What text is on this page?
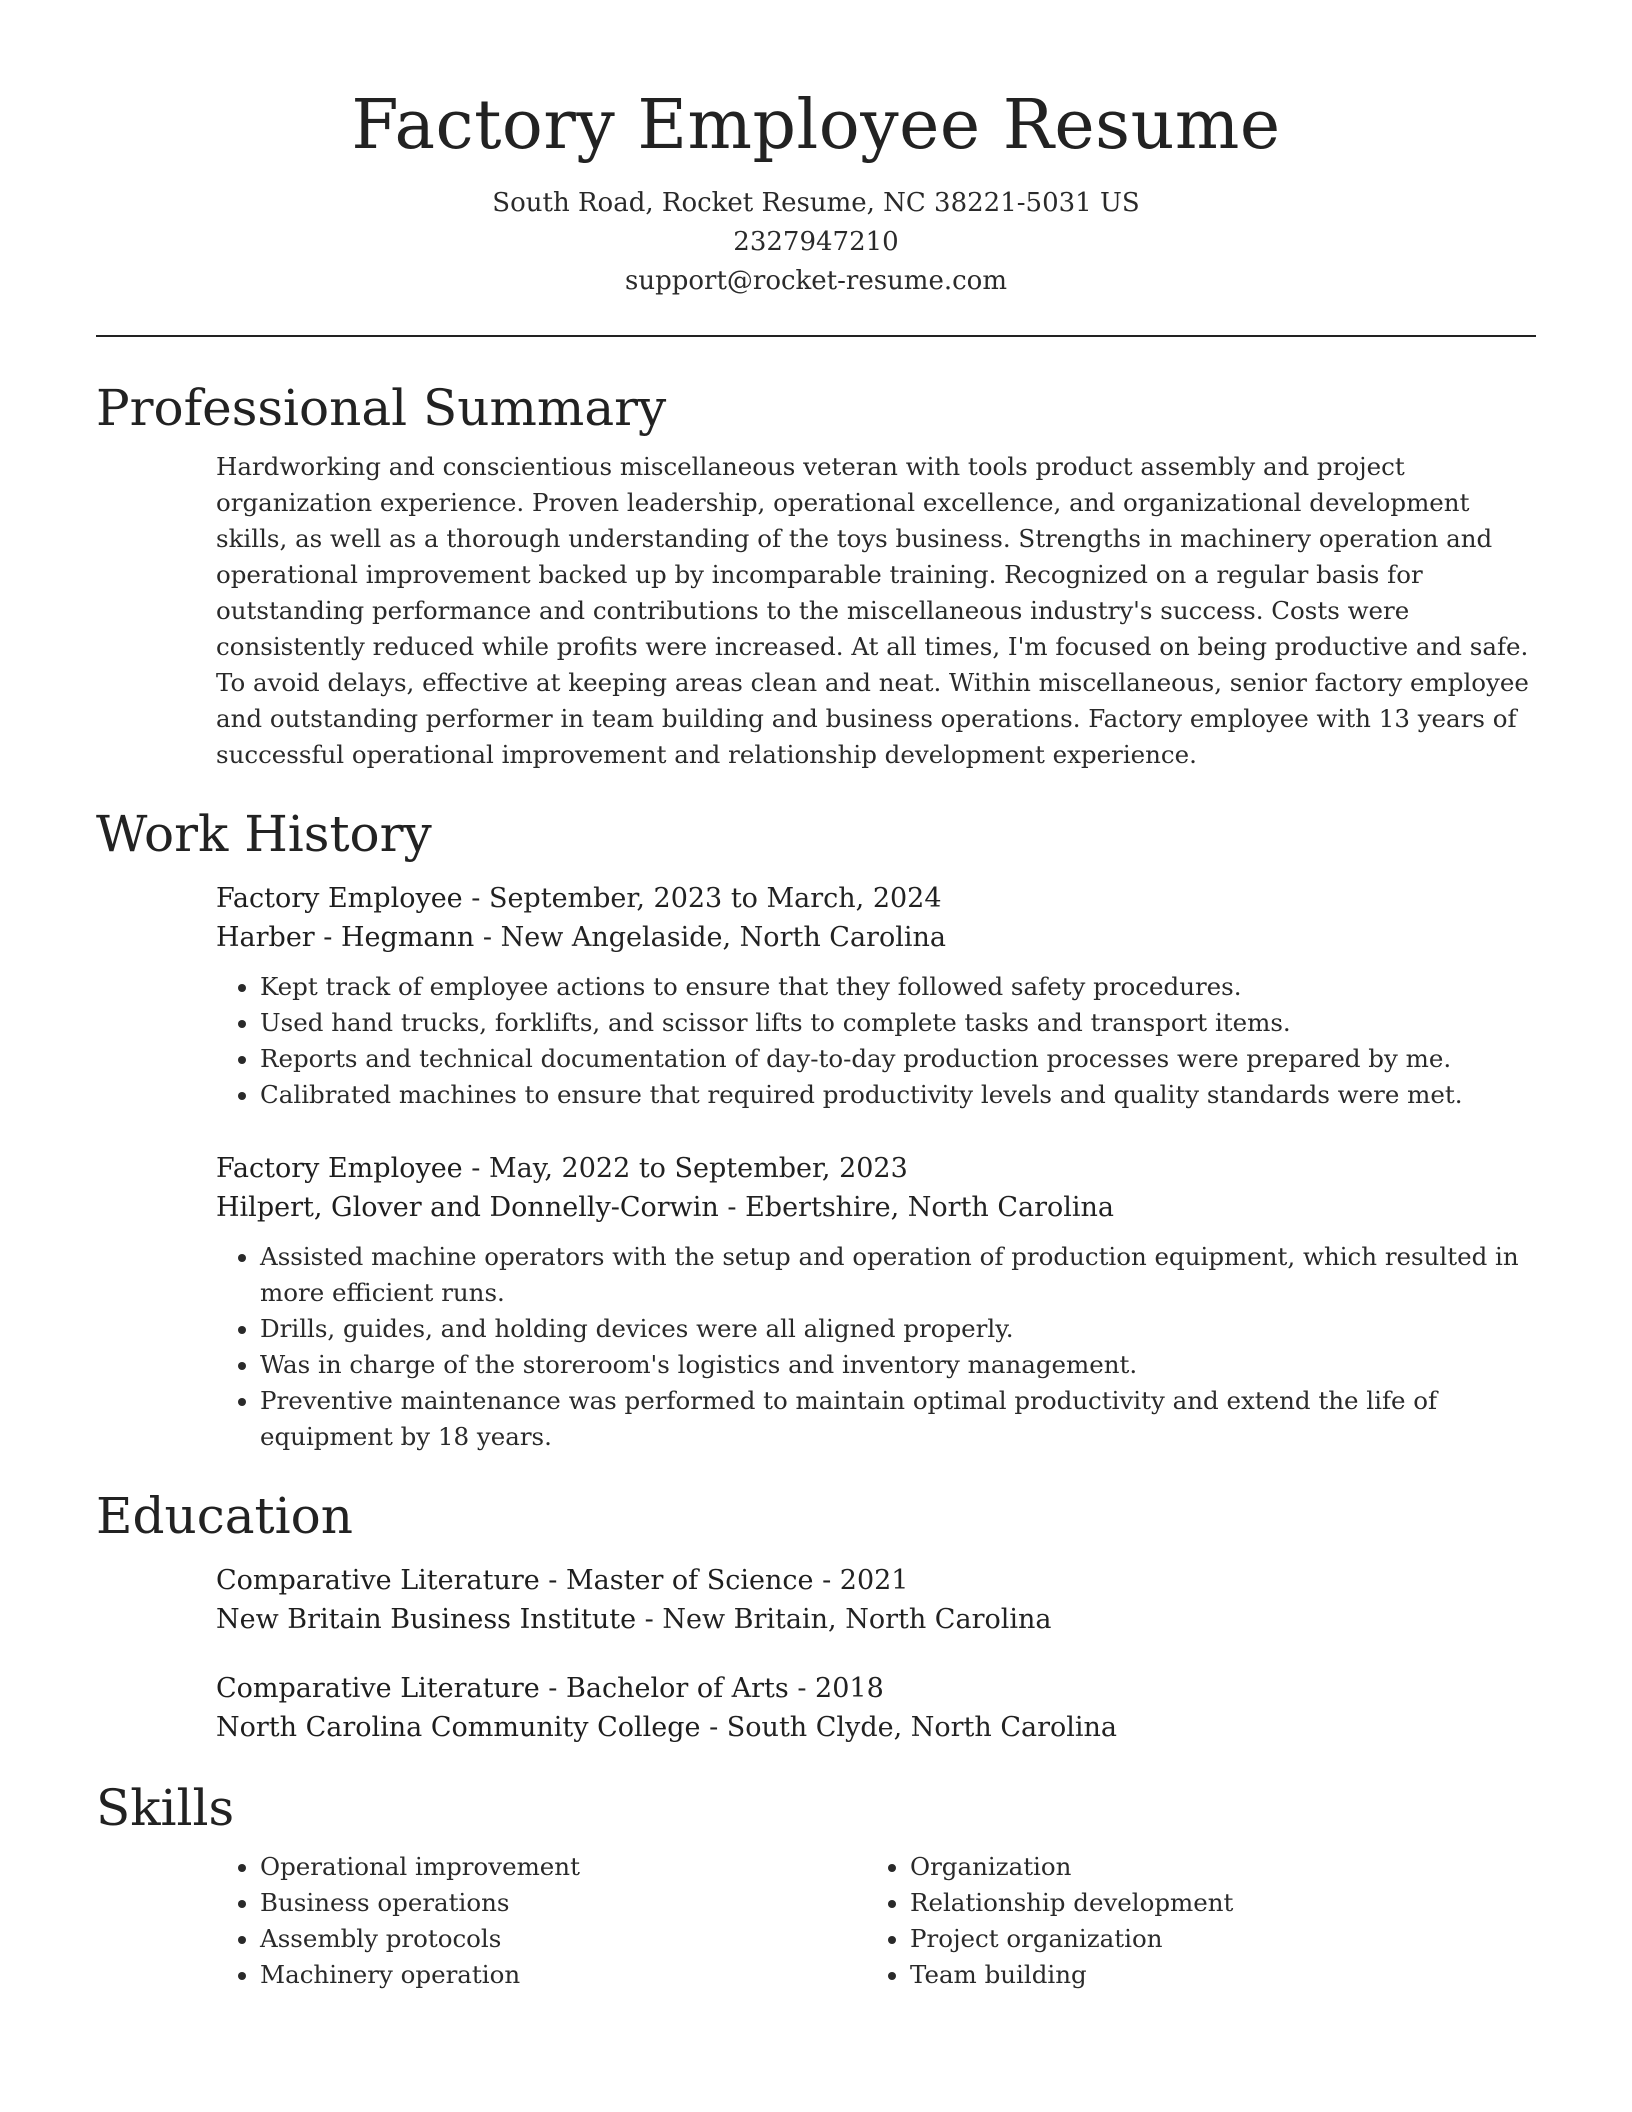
Factory Employee Resume
South Road, Rocket Resume, NC 38221-5031 US
2327947210
support@rocket-resume.com
Professional Summary
Hardworking and conscientious miscellaneous veteran with tools product assembly and project organization experience. Proven leadership, operational excellence, and organizational development skills, as well as a thorough understanding of the toys business. Strengths in machinery operation and operational improvement backed up by incomparable training. Recognized on a regular basis for outstanding performance and contributions to the miscellaneous industry's success. Costs were consistently reduced while profits were increased. At all times, I'm focused on being productive and safe. To avoid delays, effective at keeping areas clean and neat. Within miscellaneous, senior factory employee and outstanding performer in team building and business operations. Factory employee with 13 years of successful operational improvement and relationship development experience.
Work History
Factory Employee - September, 2023 to March, 2024
Harber - Hegmann - New Angelaside, North Carolina
• Kept track of employee actions to ensure that they followed safety procedures.
• Used hand trucks, forklifts, and scissor lifts to complete tasks and transport items.
• Reports and technical documentation of day-to-day production processes were prepared by me.
• Calibrated machines to ensure that required productivity levels and quality standards were met.
Factory Employee - May, 2022 to September, 2023
Hilpert, Glover and Donnelly-Corwin - Ebertshire, North Carolina
• Assisted machine operators with the setup and operation of production equipment, which resulted in more efficient runs.
• Drills, guides, and holding devices were all aligned properly.
• Was in charge of the storeroom's logistics and inventory management.
• Preventive maintenance was performed to maintain optimal productivity and extend the life of equipment by 18 years.
Education
Comparative Literature - Master of Science - 2021
New Britain Business Institute - New Britain, North Carolina
Comparative Literature - Bachelor of Arts - 2018
North Carolina Community College - South Clyde, North Carolina
Skills
• Operational improvement
• Business operations
• Assembly protocols
• Machinery operation
• Organization
• Relationship development
• Project organization
• Team building
